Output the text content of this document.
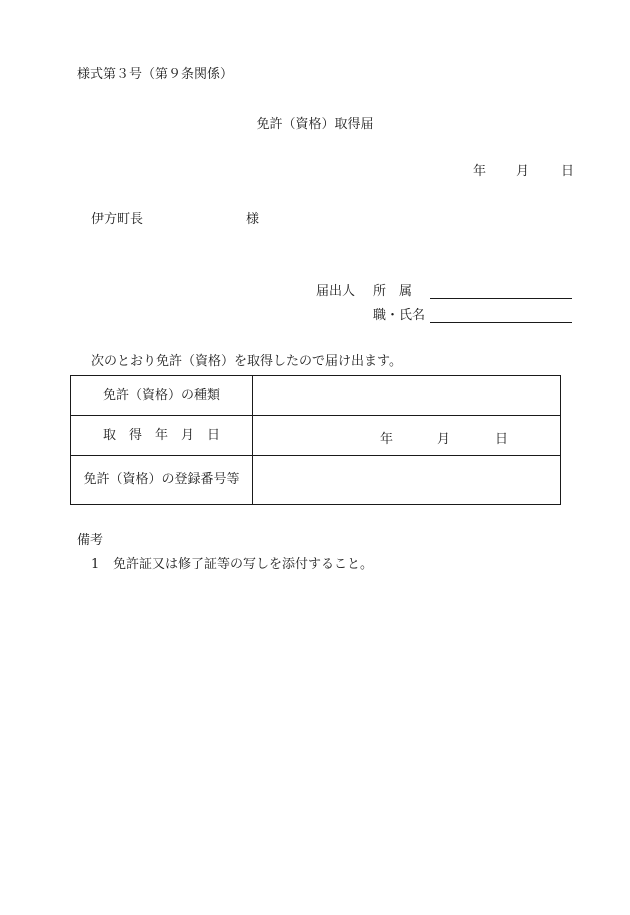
様式第３号（第９条関係）
免許（資格）取得届
年 月 日
伊方町長	様
届出人 所　属
職・氏名
次のとおり免許（資格）を取得したので届け出ます。
免許（資格）の種類	
取　得　年　月　日	年 月 日

免許（資格）の登録番号等	
備考
1 免許証又は修了証等の写しを添付すること。
